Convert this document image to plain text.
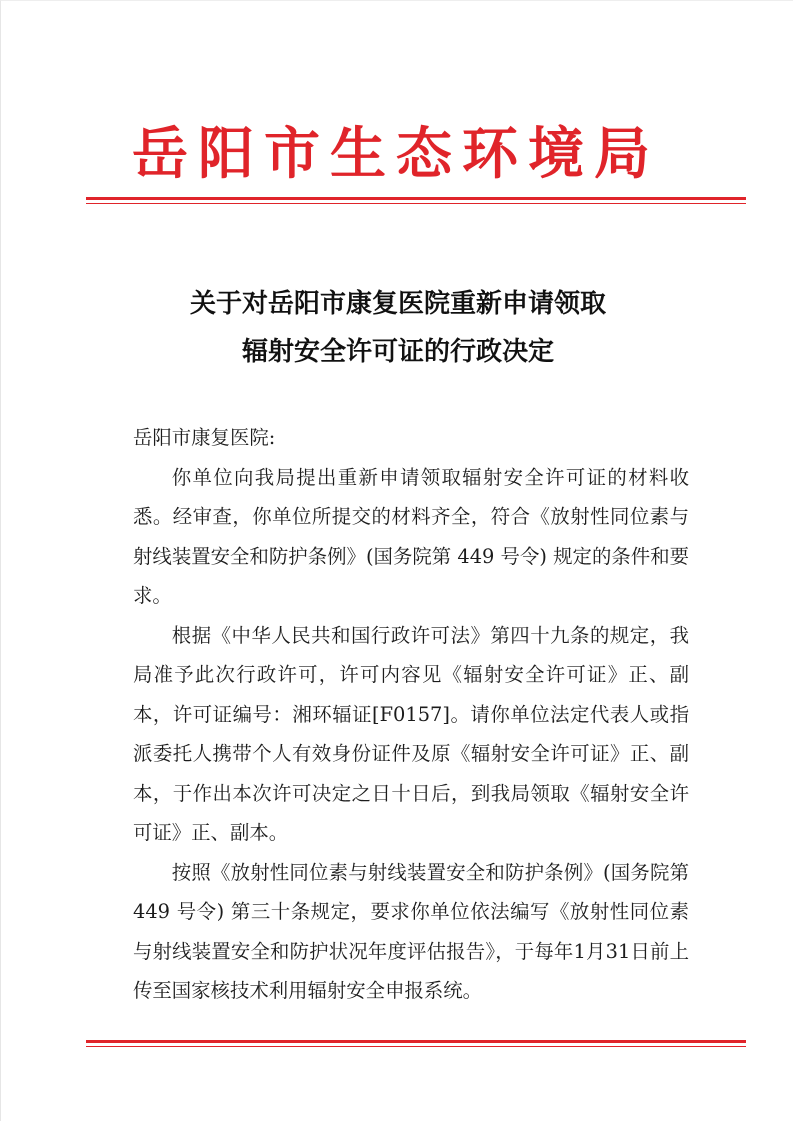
岳阳市生态环境局
关于对岳阳市康复医院重新申请领取
辐射安全许可证的行政决定

岳阳市康复医院:

你单位向我局提出重新申请领取辐射安全许可证的材料收悉。经审查，你单位所提交的材料齐全，符合《放射性同位素与射线装置安全和防护条例》(国务院第 449 号令) 规定的条件和要求。

根据《中华人民共和国行政许可法》第四十九条的规定，我局准予此次行政许可，许可内容见《辐射安全许可证》正、副本，许可证编号：湘环辐证[F0157]。请你单位法定代表人或指派委托人携带个人有效身份证件及原《辐射安全许可证》正、副本，于作出本次许可决定之日十日后，到我局领取《辐射安全许可证》正、副本。

按照《放射性同位素与射线装置安全和防护条例》(国务院第 449 号令) 第三十条规定，要求你单位依法编写《放射性同位素与射线装置安全和防护状况年度评估报告》，于每年1月31日前上传至国家核技术利用辐射安全申报系统。
